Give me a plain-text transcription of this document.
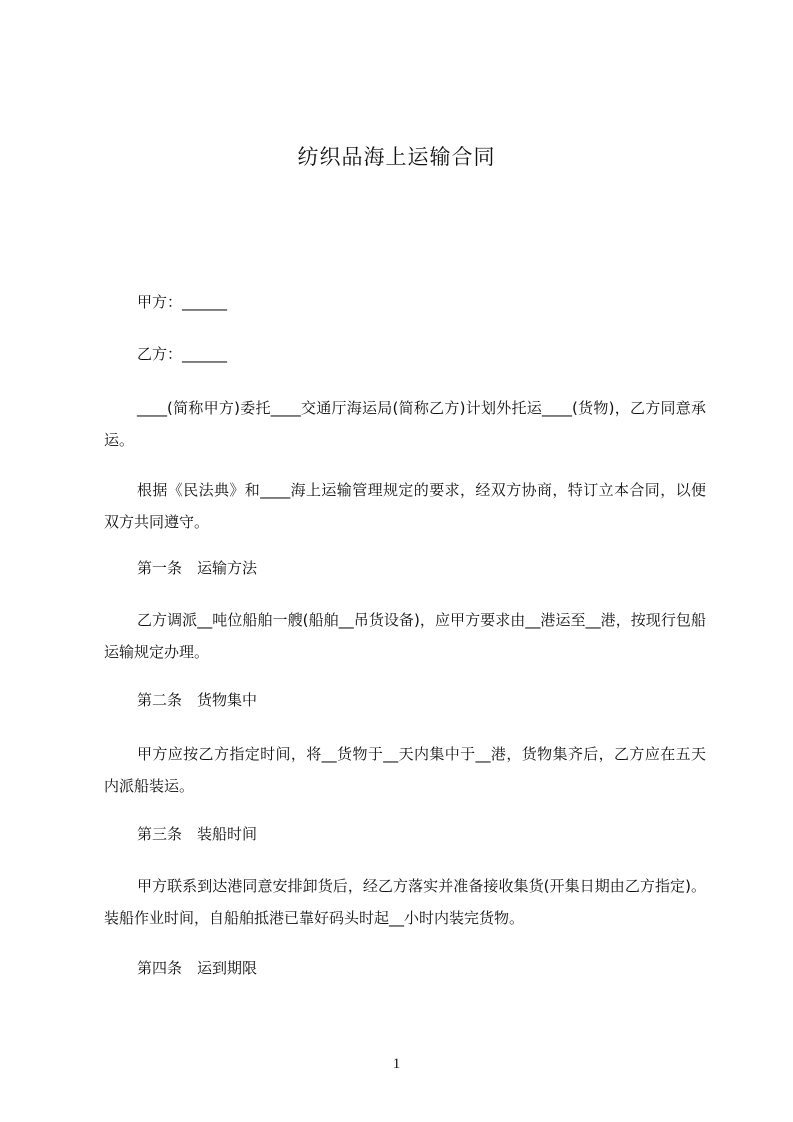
纺织品海上运输合同
甲方：______
乙方：______

____(简称甲方)委托____交通厅海运局(简称乙方)计划外托运____(货物)，乙方同意承运。

根据《民法典》和____海上运输管理规定的要求，经双方协商，特订立本合同，以便双方共同遵守。

第一条　运输方法

乙方调派__吨位船舶一艘(船舶__吊货设备)，应甲方要求由__港运至__港，按现行包船运输规定办理。

第二条　货物集中

甲方应按乙方指定时间，将__货物于__天内集中于__港，货物集齐后，乙方应在五天内派船装运。

第三条　装船时间

甲方联系到达港同意安排卸货后，经乙方落实并准备接收集货(开集日期由乙方指定)。装船作业时间，自船舶抵港已靠好码头时起__小时内装完货物。

第四条　运到期限
1
